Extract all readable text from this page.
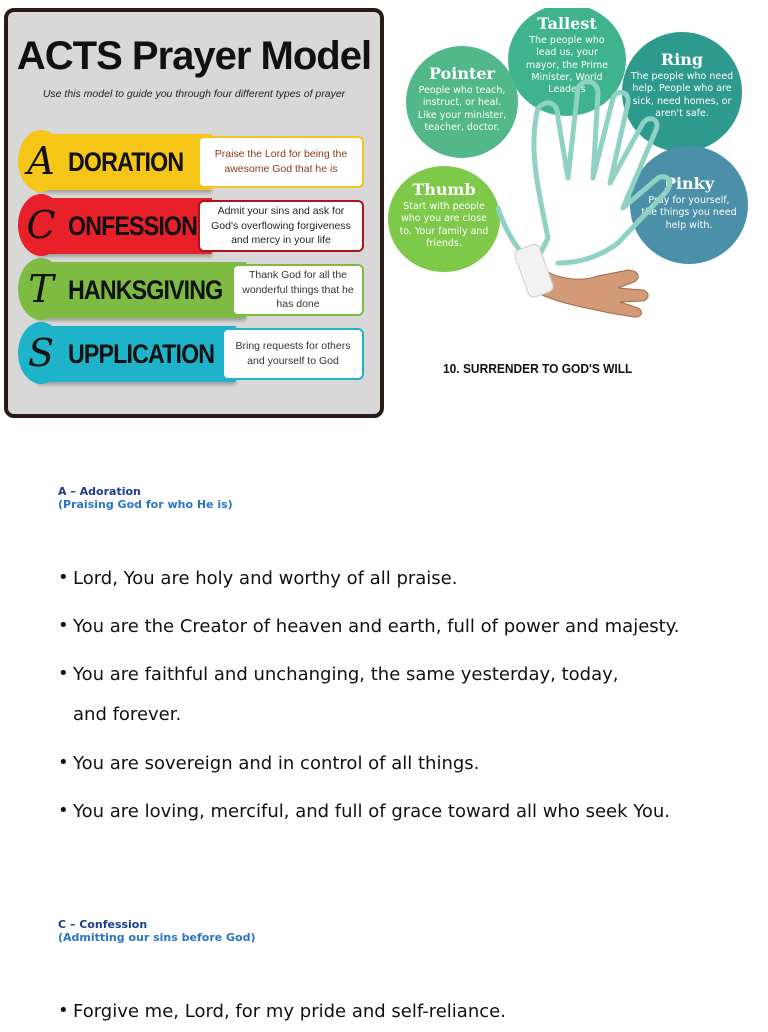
ACTS Prayer Model
Use this model to guide you through four different types of prayer
A DORATION	Praise the Lord for being the awesome God that he is
C ONFESSION	Admit your sins and ask for God's overflowing forgiveness and mercy in your life
T HANKSGIVING	Thank God for all the wonderful things that he has done
S UPPLICATION	Bring requests for others and yourself to God
Tallest
The people who lead us, your mayor, the Prime Minister, World Leaders
Pointer
People who teach, instruct, or heal. Like your minister, teacher, doctor.
Ring
The people who need help. People who are sick, need homes, or aren't safe.
Thumb
Start with people who you are close to. Your family and friends.
Pinky
Pray for yourself, the things you need help with.
10. SURRENDER TO GOD'S WILL
A – Adoration
(Praising God for who He is)
• Lord, You are holy and worthy of all praise.
• You are the Creator of heaven and earth, full of power and majesty.
• You are faithful and unchanging, the same yesterday, today, and forever.
• You are sovereign and in control of all things.
• You are loving, merciful, and full of grace toward all who seek You.
C – Confession
(Admitting our sins before God)
• Forgive me, Lord, for my pride and self-reliance.
